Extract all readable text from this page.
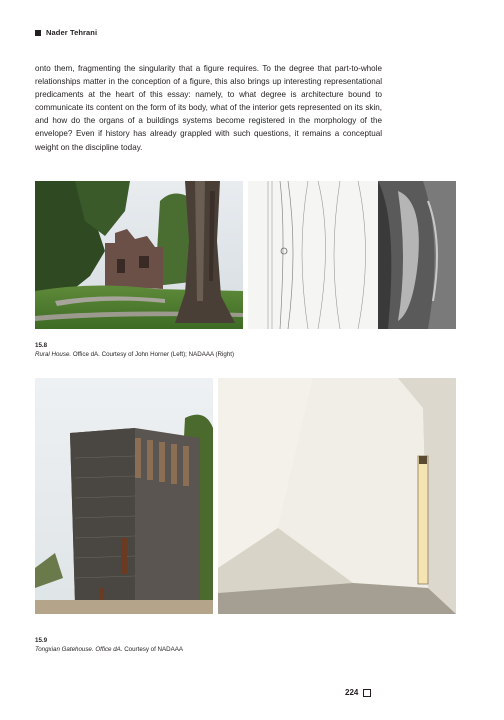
Nader Tehrani

onto them, fragmenting the singularity that a figure requires. To the degree that part-to-whole relationships matter in the conception of a figure, this also brings up interesting representational predicaments at the heart of this essay: namely, to what degree is architecture bound to communicate its content on the form of its body, what of the interior gets represented on its skin, and how do the organs of a buildings systems become registered in the morphology of the envelope? Even if history has already grappled with such questions, it remains a conceptual weight on the discipline today.

15.8
Rural House. Office dA. Courtesy of John Horner (Left); NADAAA (Right)
15.9
Tongxian Gatehouse. Office dA. Courtesy of NADAAA
224
